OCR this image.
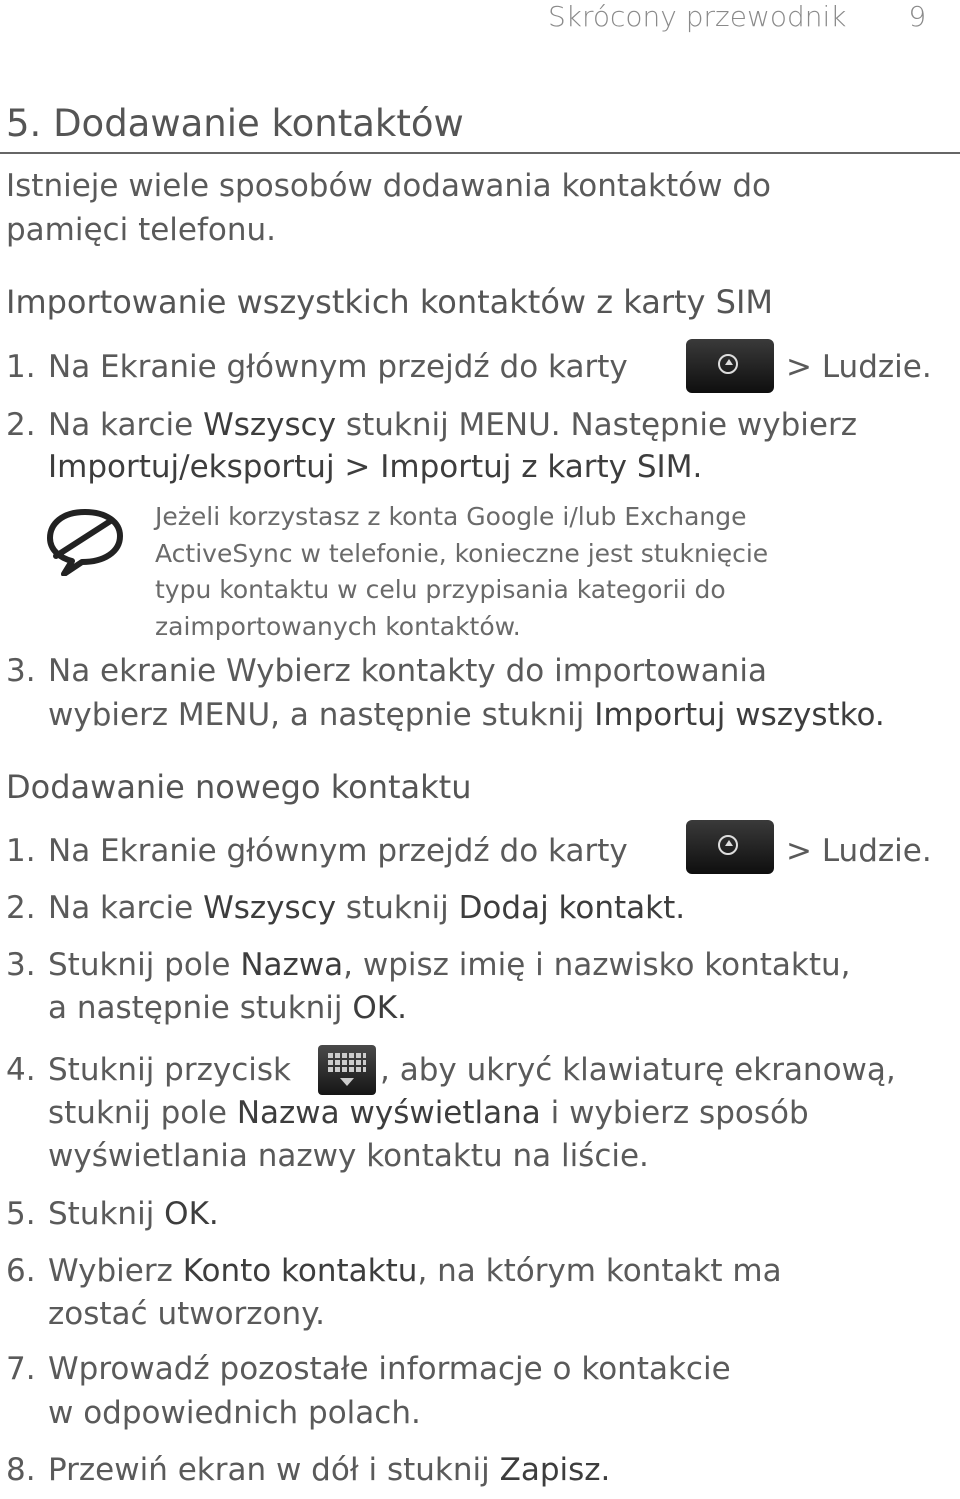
Skrócony przewodnik 9
5. Dodawanie kontaktów
Istnieje wiele sposobów dodawania kontaktów do
pamięci telefonu.
Importowanie wszystkich kontaktów z karty SIM
1. Na Ekranie głównym przejdź do karty	> Ludzie.
2. Na karcie Wszyscy stuknij MENU. Następnie wybierz
Importuj/eksportuj > Importuj z karty SIM.
Jeżeli korzystasz z konta Google i/lub Exchange
ActiveSync w telefonie, konieczne jest stuknięcie
typu kontaktu w celu przypisania kategorii do
zaimportowanych kontaktów.
3. Na ekranie Wybierz kontakty do importowania
wybierz MENU, a następnie stuknij Importuj wszystko.
Dodawanie nowego kontaktu
1. Na Ekranie głównym przejdź do karty	> Ludzie.
2. Na karcie Wszyscy stuknij Dodaj kontakt.
3. Stuknij pole Nazwa, wpisz imię i nazwisko kontaktu,
a następnie stuknij OK.
4. Stuknij przycisk	, aby ukryć klawiaturę ekranową,
stuknij pole Nazwa wyświetlana i wybierz sposób
wyświetlania nazwy kontaktu na liście.
5. Stuknij OK.
6. Wybierz Konto kontaktu, na którym kontakt ma
zostać utworzony.
7. Wprowadź pozostałe informacje o kontakcie
w odpowiednich polach.
8. Przewiń ekran w dół i stuknij Zapisz.
